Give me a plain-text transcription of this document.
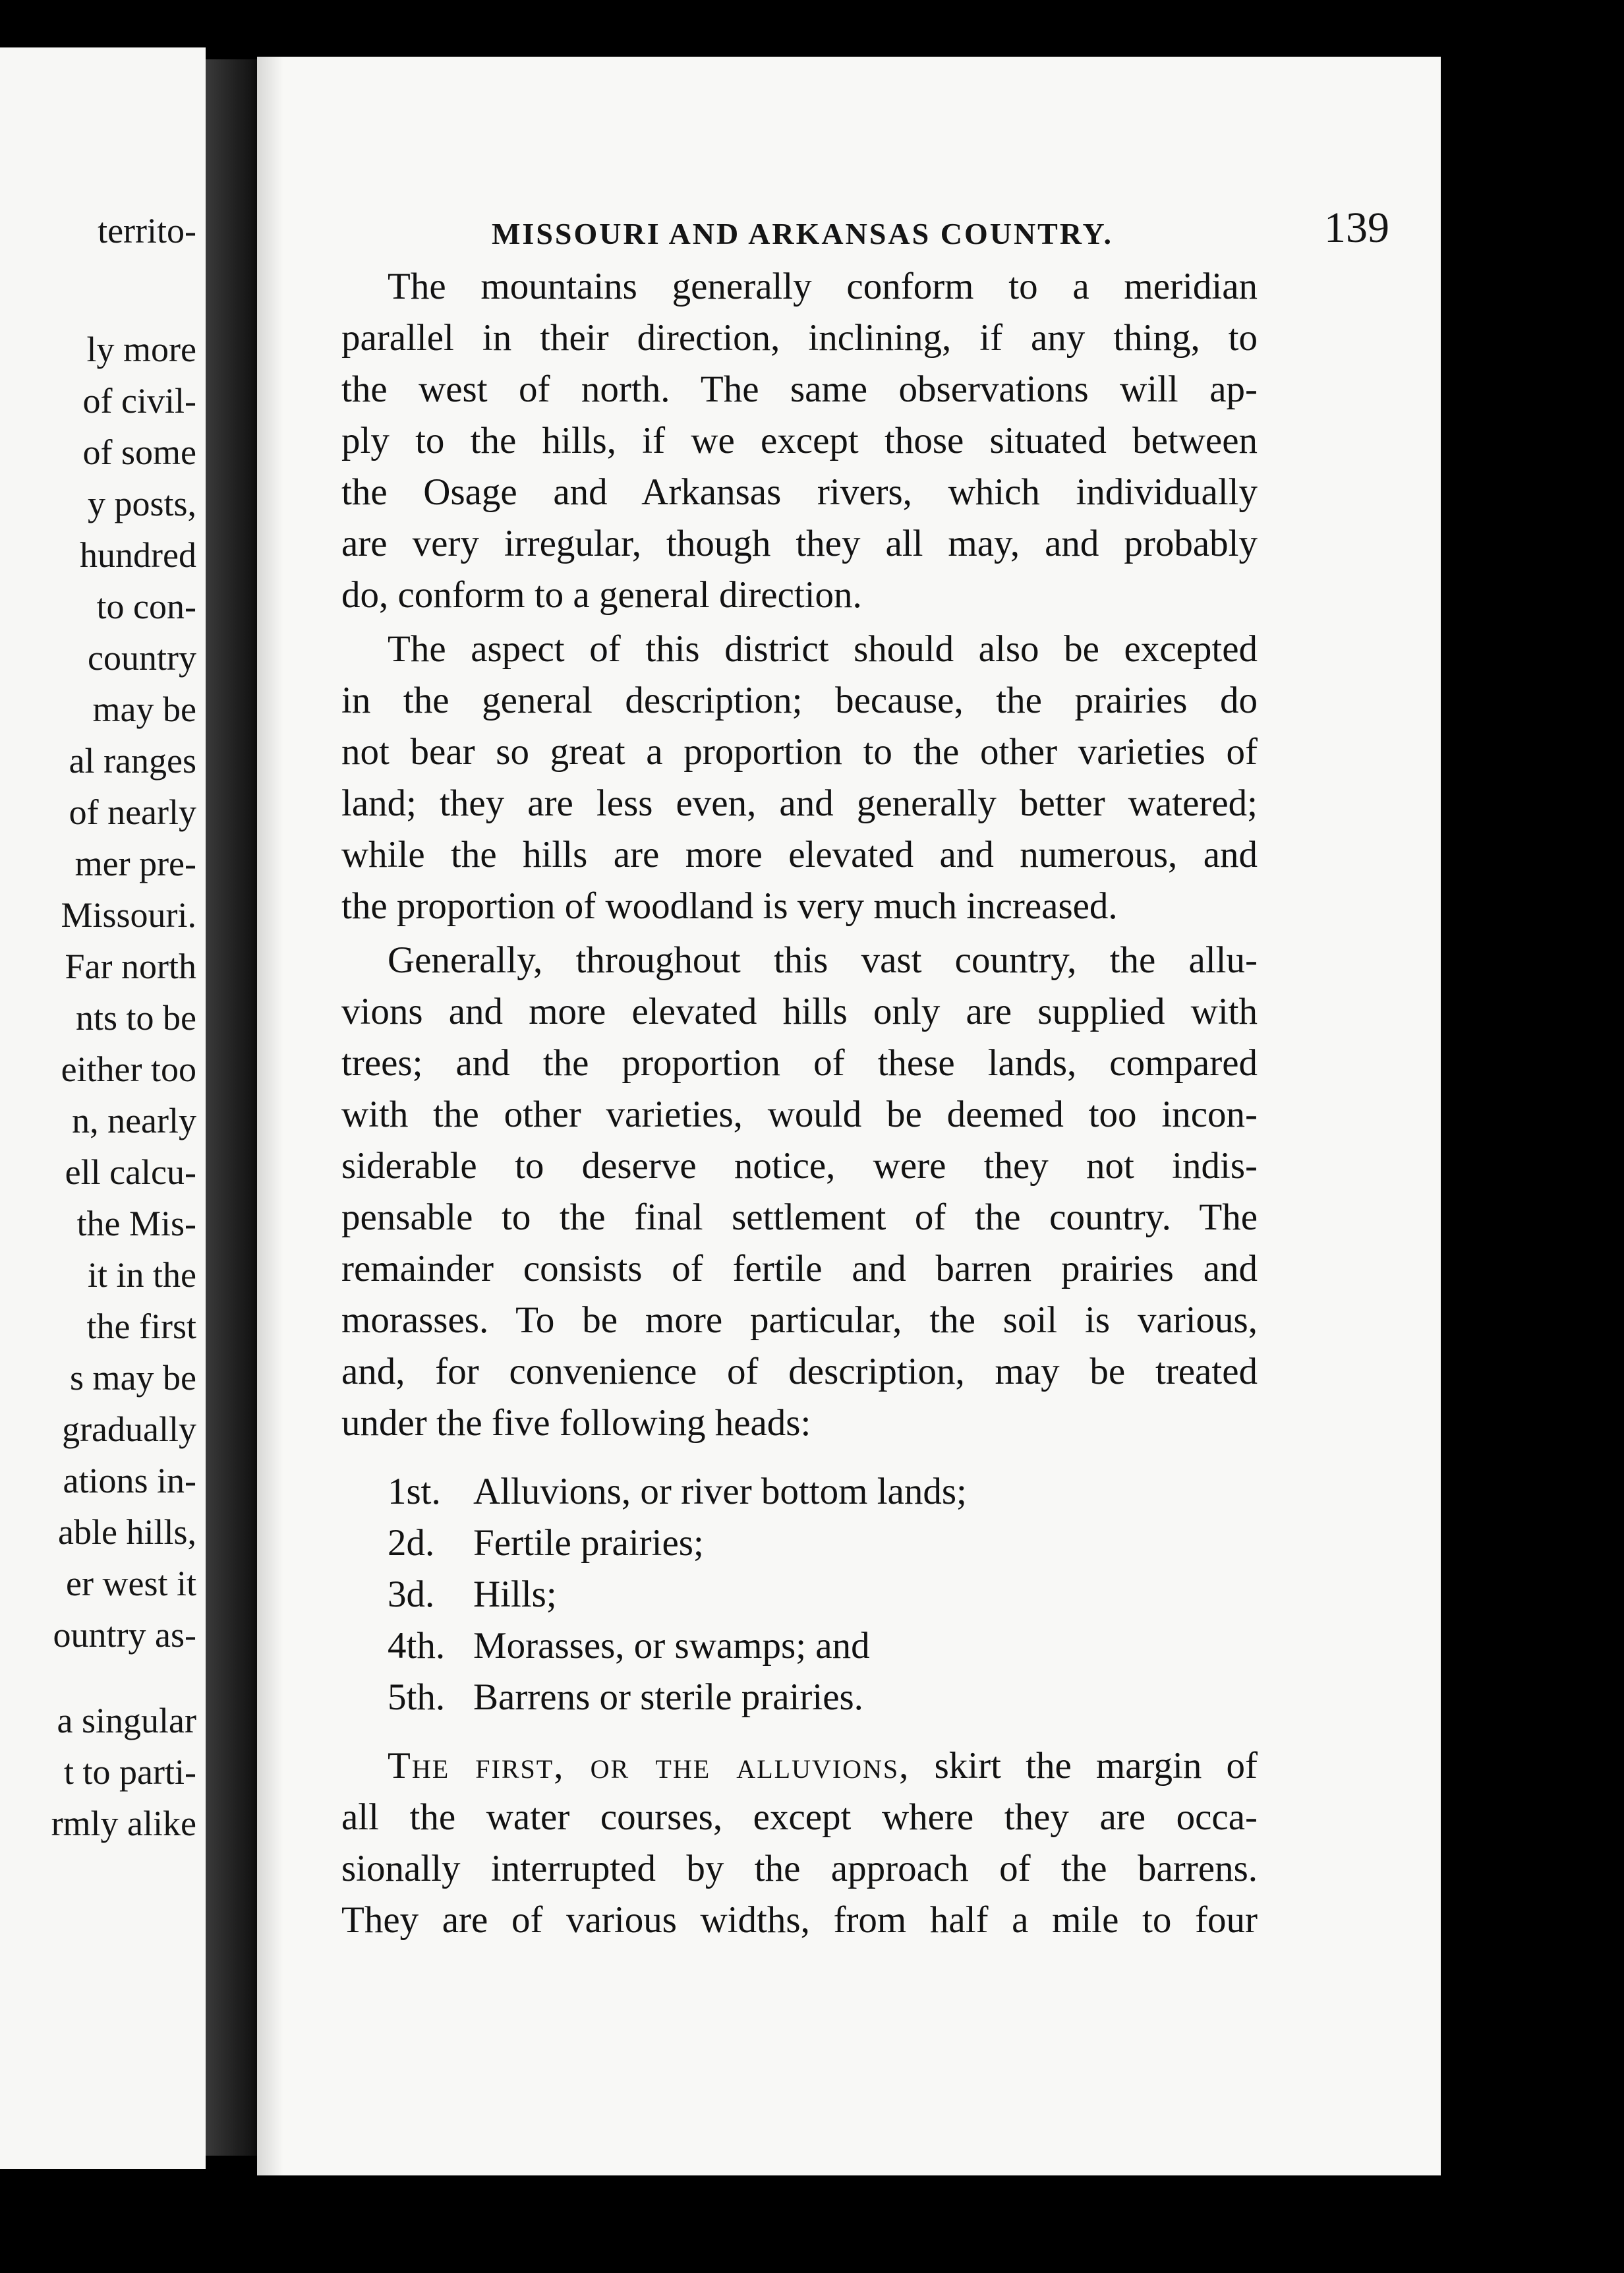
territo-
ly more
of civil-
of some
y posts,
hundred
to con-
country
may be
al ranges
of nearly
mer pre-
Missouri.
Far north
nts to be
either too
n, nearly
ell calcu-
the Mis-
it in the
the first
s may be
gradually
ations in-
able hills,
er west it
ountry as-
a singular
t to parti-
rmly alike
MISSOURI AND ARKANSAS COUNTRY.	139
The mountains generally conform to a meridian
parallel in their direction, inclining, if any thing, to
the west of north. The same observations will ap-
ply to the hills, if we except those situated between
the Osage and Arkansas rivers, which individually
are very irregular, though they all may, and probably
do, conform to a general direction.
The aspect of this district should also be excepted
in the general description; because, the prairies do
not bear so great a proportion to the other varieties of
land; they are less even, and generally better watered;
while the hills are more elevated and numerous, and
the proportion of woodland is very much increased.
Generally, throughout this vast country, the allu-
vions and more elevated hills only are supplied with
trees; and the proportion of these lands, compared
with the other varieties, would be deemed too incon-
siderable to deserve notice, were they not indis-
pensable to the final settlement of the country. The
remainder consists of fertile and barren prairies and
morasses. To be more particular, the soil is various,
and, for convenience of description, may be treated
under the five following heads:
1st. Alluvions, or river bottom lands;
2d. Fertile prairies;
3d. Hills;
4th. Morasses, or swamps; and
5th. Barrens or sterile prairies.
The first, or the alluvions, skirt the margin of
all the water courses, except where they are occa-
sionally interrupted by the approach of the barrens.
They are of various widths, from half a mile to four
